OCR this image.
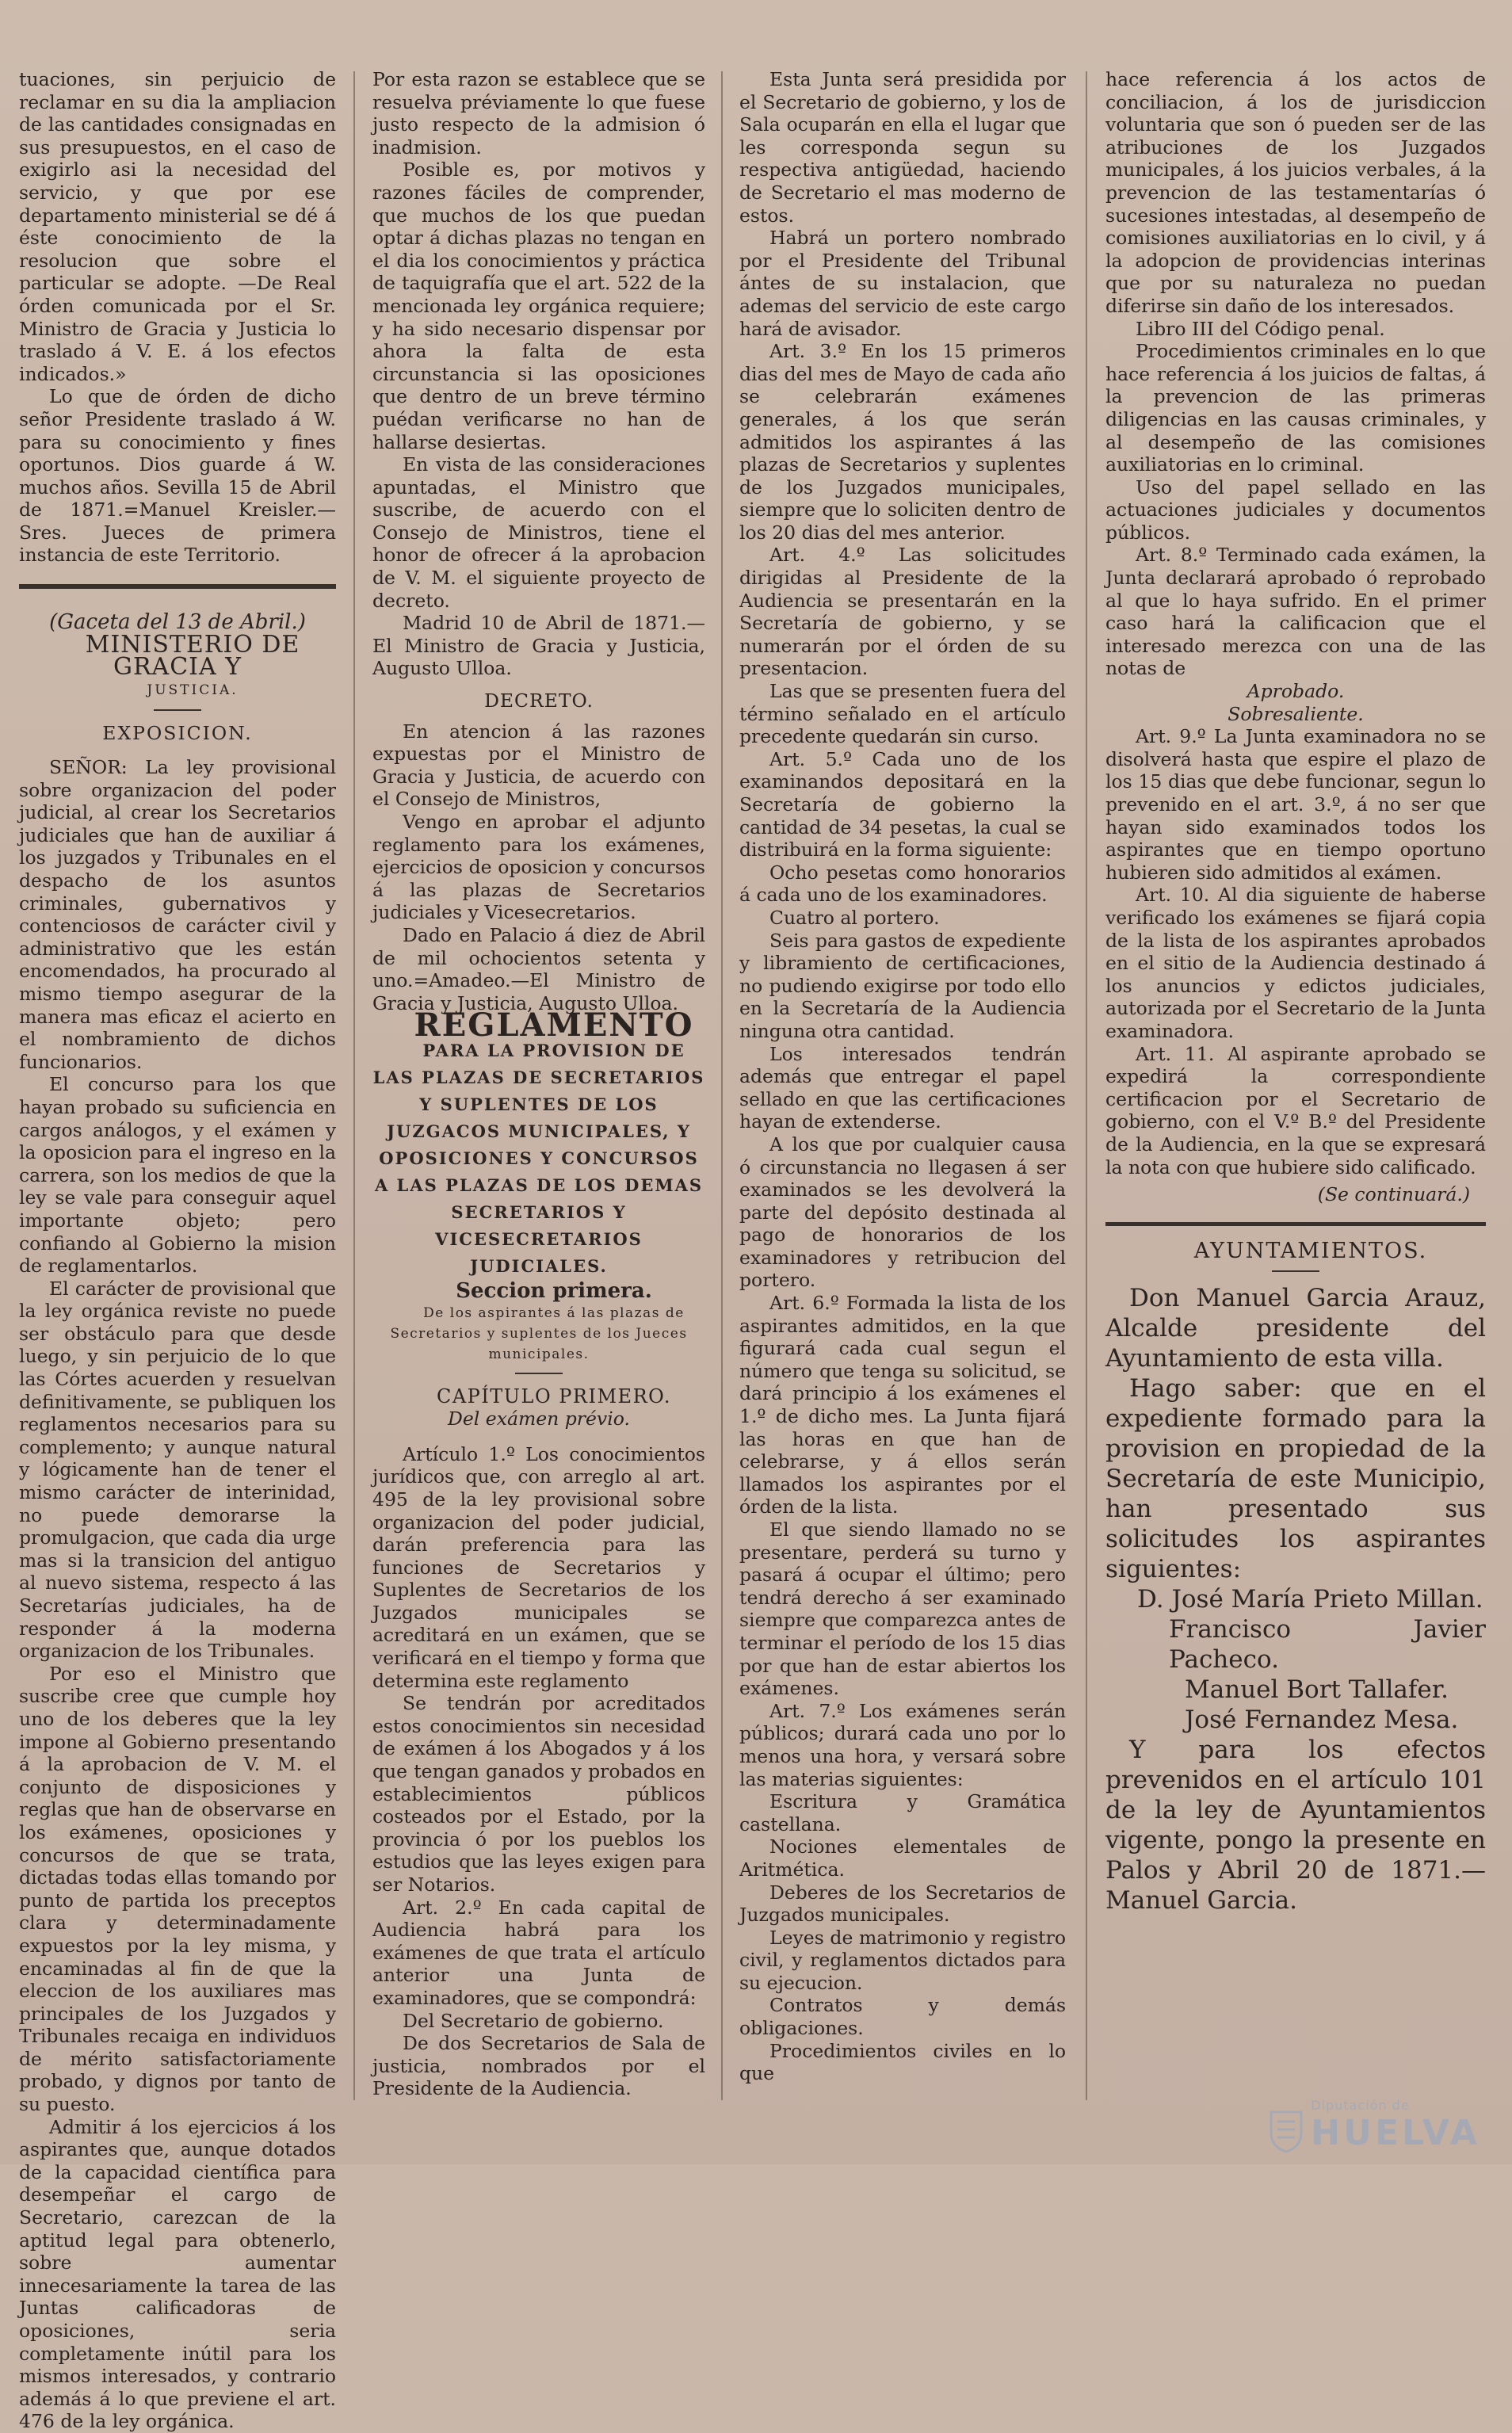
tuaciones, sin perjuicio de reclamar en su dia la ampliacion de las cantidades consignadas en sus presupuestos, en el caso de exigirlo asi la necesidad del servicio, y que por ese departamento ministerial se dé á éste conocimiento de la resolucion que sobre el particular se adopte. —De Real órden comunicada por el Sr. Ministro de Gracia y Justicia lo traslado á V. E. á los efectos indicados.»

Lo que de órden de dicho señor Presidente traslado á W. para su conocimiento y fines oportunos. Dios guarde á W. muchos años. Sevilla 15 de Abril de 1871.=Manuel Kreisler.—Sres. Jueces de primera instancia de este Territorio.

(Gaceta del 13 de Abril.)

MINISTERIO DE GRACIA Y

JUSTICIA.

EXPOSICION.

SEÑOR: La ley provisional sobre organizacion del poder judicial, al crear los Secretarios judiciales que han de auxiliar á los juzgados y Tribunales en el despacho de los asuntos criminales, gubernativos y contenciosos de carácter civil y administrativo que les están encomendados, ha procurado al mismo tiempo asegurar de la manera mas eficaz el acierto en el nombramiento de dichos funcionarios.

El concurso para los que hayan probado su suficiencia en cargos análogos, y el exámen y la oposicion para el ingreso en la carrera, son los medios de que la ley se vale para conseguir aquel importante objeto; pero confiando al Gobierno la mision de reglamentarlos.

El carácter de provisional que la ley orgánica reviste no puede ser obstáculo para que desde luego, y sin perjuicio de lo que las Córtes acuerden y resuelvan definitivamente, se publiquen los reglamentos necesarios para su complemento; y aunque natural y lógicamente han de tener el mismo carácter de interinidad, no puede demorarse la promulgacion, que cada dia urge mas si la transicion del antiguo al nuevo sistema, respecto á las Secretarías judiciales, ha de responder á la moderna organizacion de los Tribunales.

Por eso el Ministro que suscribe cree que cumple hoy uno de los deberes que la ley impone al Gobierno presentando á la aprobacion de V. M. el conjunto de disposiciones y reglas que han de observarse en los exámenes, oposiciones y concursos de que se trata, dictadas todas ellas tomando por punto de partida los preceptos clara y determinadamente expuestos por la ley misma, y encaminadas al fin de que la eleccion de los auxiliares mas principales de los Juzgados y Tribunales recaiga en individuos de mérito satisfactoriamente probado, y dignos por tanto de su puesto.

Admitir á los ejercicios á los aspirantes que, aunque dotados de la capacidad científica para desempeñar el cargo de Secretario, carezcan de la aptitud legal para obtenerlo, sobre aumentar innecesariamente la tarea de las Juntas calificadoras de oposiciones, seria completamente inútil para los mismos interesados, y contrario además á lo que previene el art. 476 de la ley orgánica.

Por esta razon se establece que se resuelva préviamente lo que fuese justo respecto de la admision ó inadmision.

Posible es, por motivos y razones fáciles de comprender, que muchos de los que puedan optar á dichas plazas no tengan en el dia los conocimientos y práctica de taquigrafía que el art. 522 de la mencionada ley orgánica requiere; y ha sido necesario dispensar por ahora la falta de esta circunstancia si las oposiciones que dentro de un breve término puédan verificarse no han de hallarse desiertas.

En vista de las consideraciones apuntadas, el Ministro que suscribe, de acuerdo con el Consejo de Ministros, tiene el honor de ofrecer á la aprobacion de V. M. el siguiente proyecto de decreto.

Madrid 10 de Abril de 1871.—El Ministro de Gracia y Justicia, Augusto Ulloa.

DECRETO.

En atencion á las razones expuestas por el Ministro de Gracia y Justicia, de acuerdo con el Consejo de Ministros,

Vengo en aprobar el adjunto reglamento para los exámenes, ejercicios de oposicion y concursos á las plazas de Secretarios judiciales y Vicesecretarios.

Dado en Palacio á diez de Abril de mil ochocientos setenta y uno.=Amadeo.—El Ministro de Gracia y Justicia, Augusto Ulloa.

REGLAMENTO

PARA LA PROVISION DE LAS PLAZAS DE SECRETARIOS Y SUPLENTES DE LOS JUZGACOS MUNICIPALES, Y OPOSICIONES Y CONCURSOS A LAS PLAZAS DE LOS DEMAS SECRETARIOS Y VICESECRETARIOS JUDICIALES.

Seccion primera.

De los aspirantes á las plazas de Secretarios y suplentes de los Jueces municipales.

CAPÍTULO PRIMERO.

Del exámen prévio.

Artículo 1.º Los conocimientos jurídicos que, con arreglo al art. 495 de la ley provisional sobre organizacion del poder judicial, darán preferencia para las funciones de Secretarios y Suplentes de Secretarios de los Juzgados municipales se acreditará en un exámen, que se verificará en el tiempo y forma que determina este reglamento

Se tendrán por acreditados estos conocimientos sin necesidad de exámen á los Abogados y á los que tengan ganados y probados en establecimientos públicos costeados por el Estado, por la provincia ó por los pueblos los estudios que las leyes exigen para ser Notarios.

Art. 2.º En cada capital de Audiencia habrá para los exámenes de que trata el artículo anterior una Junta de examinadores, que se compondrá:

Del Secretario de gobierno.

De dos Secretarios de Sala de justicia, nombrados por el Presidente de la Audiencia.

Esta Junta será presidida por el Secretario de gobierno, y los de Sala ocuparán en ella el lugar que les corresponda segun su respectiva antigüedad, haciendo de Secretario el mas moderno de estos.

Habrá un portero nombrado por el Presidente del Tribunal ántes de su instalacion, que ademas del servicio de este cargo hará de avisador.

Art. 3.º En los 15 primeros dias del mes de Mayo de cada año se celebrarán exámenes generales, á los que serán admitidos los aspirantes á las plazas de Secretarios y suplentes de los Juzgados municipales, siempre que lo soliciten dentro de los 20 dias del mes anterior.

Art. 4.º Las solicitudes dirigidas al Presidente de la Audiencia se presentarán en la Secretaría de gobierno, y se numerarán por el órden de su presentacion.

Las que se presenten fuera del término señalado en el artículo precedente quedarán sin curso.

Art. 5.º Cada uno de los examinandos depositará en la Secretaría de gobierno la cantidad de 34 pesetas, la cual se distribuirá en la forma siguiente:

Ocho pesetas como honorarios á cada uno de los examinadores.

Cuatro al portero.

Seis para gastos de expediente y libramiento de certificaciones, no pudiendo exigirse por todo ello en la Secretaría de la Audiencia ninguna otra cantidad.

Los interesados tendrán además que entregar el papel sellado en que las certificaciones hayan de extenderse.

A los que por cualquier causa ó circunstancia no llegasen á ser examinados se les devolverá la parte del depósito destinada al pago de honorarios de los examinadores y retribucion del portero.

Art. 6.º Formada la lista de los aspirantes admitidos, en la que figurará cada cual segun el número que tenga su solicitud, se dará principio á los exámenes el 1.º de dicho mes. La Junta fijará las horas en que han de celebrarse, y á ellos serán llamados los aspirantes por el órden de la lista.

El que siendo llamado no se presentare, perderá su turno y pasará á ocupar el último; pero tendrá derecho á ser examinado siempre que comparezca antes de terminar el período de los 15 dias por que han de estar abiertos los exámenes.

Art. 7.º Los exámenes serán públicos; durará cada uno por lo menos una hora, y versará sobre las materias siguientes:

Escritura y Gramática castellana.

Nociones elementales de Aritmética.

Deberes de los Secretarios de Juzgados municipales.

Leyes de matrimonio y registro civil, y reglamentos dictados para su ejecucion.

Contratos y demás obligaciones.

Procedimientos civiles en lo que

hace referencia á los actos de conciliacion, á los de jurisdiccion voluntaria que son ó pueden ser de las atribuciones de los Juzgados municipales, á los juicios verbales, á la prevencion de las testamentarías ó sucesiones intestadas, al desempeño de comisiones auxiliatorias en lo civil, y á la adopcion de providencias interinas que por su naturaleza no puedan diferirse sin daño de los interesados.

Libro III del Código penal.

Procedimientos criminales en lo que hace referencia á los juicios de faltas, á la prevencion de las primeras diligencias en las causas criminales, y al desempeño de las comisiones auxiliatorias en lo criminal.

Uso del papel sellado en las actuaciones judiciales y documentos públicos.

Art. 8.º Terminado cada exámen, la Junta declarará aprobado ó reprobado al que lo haya sufrido. En el primer caso hará la calificacion que el interesado merezca con una de las notas de

Aprobado.

Sobresaliente.

Art. 9.º La Junta examinadora no se disolverá hasta que espire el plazo de los 15 dias que debe funcionar, segun lo prevenido en el art. 3.º, á no ser que hayan sido examinados todos los aspirantes que en tiempo oportuno hubieren sido admitidos al exámen.

Art. 10. Al dia siguiente de haberse verificado los exámenes se fijará copia de la lista de los aspirantes aprobados en el sitio de la Audiencia destinado á los anuncios y edictos judiciales, autorizada por el Secretario de la Junta examinadora.

Art. 11. Al aspirante aprobado se expedirá la correspondiente certificacion por el Secretario de gobierno, con el V.º B.º del Presidente de la Audiencia, en la que se expresará la nota con que hubiere sido calificado.

(Se continuará.)

AYUNTAMIENTOS.

Don Manuel Garcia Arauz, Alcalde presidente del Ayuntamiento de esta villa.

Hago saber: que en el expediente formado para la provision en propiedad de la Secretaría de este Municipio, han presentado sus solicitudes los aspirantes siguientes:

D. José María Prieto Millan.

Francisco Javier Pacheco.

Manuel Bort Tallafer.

José Fernandez Mesa.

Y para los efectos prevenidos en el artículo 101 de la ley de Ayuntamientos vigente, pongo la presente en Palos y Abril 20 de 1871.—Manuel Garcia.

Diputación de
HUELVA
